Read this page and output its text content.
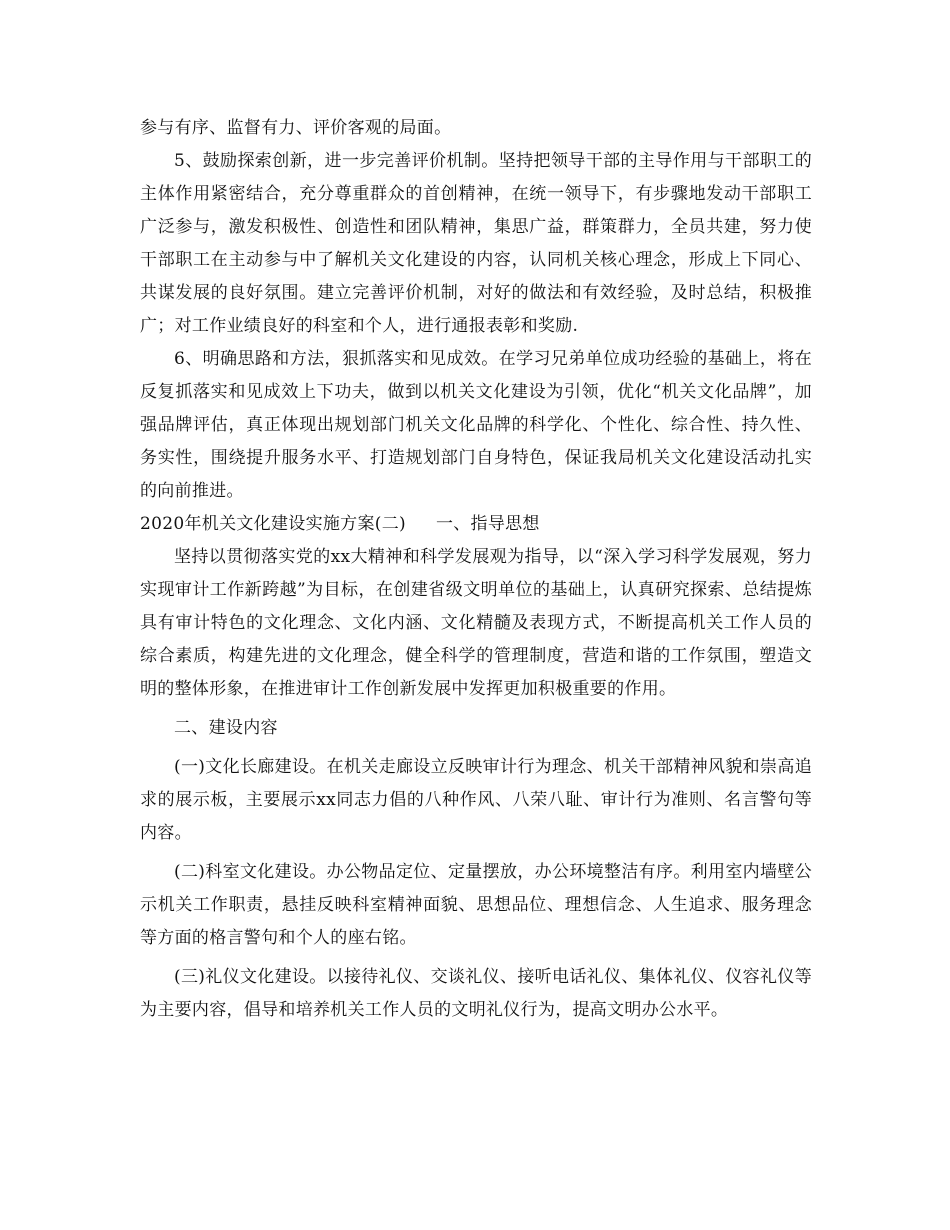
参与有序、监督有力、评价客观的局面。

5、鼓励探索创新，进一步完善评价机制。坚持把领导干部的主导作用与干部职工的主体作用紧密结合，充分尊重群众的首创精神，在统一领导下，有步骤地发动干部职工广泛参与，激发积极性、创造性和团队精神，集思广益，群策群力，全员共建，努力使干部职工在主动参与中了解机关文化建设的内容，认同机关核心理念，形成上下同心、共谋发展的良好氛围。建立完善评价机制，对好的做法和有效经验，及时总结，积极推广；对工作业绩良好的科室和个人，进行通报表彰和奖励.

6、明确思路和方法，狠抓落实和见成效。在学习兄弟单位成功经验的基础上，将在反复抓落实和见成效上下功夫，做到以机关文化建设为引领，优化“机关文化品牌”，加强品牌评估，真正体现出规划部门机关文化品牌的科学化、个性化、综合性、持久性、务实性，围绕提升服务水平、打造规划部门自身特色，保证我局机关文化建设活动扎实的向前推进。

2020年机关文化建设实施方案(二) 一、指导思想

坚持以贯彻落实党的xx大精神和科学发展观为指导，以“深入学习科学发展观，努力实现审计工作新跨越”为目标，在创建省级文明单位的基础上，认真研究探索、总结提炼具有审计特色的文化理念、文化内涵、文化精髓及表现方式，不断提高机关工作人员的综合素质，构建先进的文化理念，健全科学的管理制度，营造和谐的工作氛围，塑造文明的整体形象，在推进审计工作创新发展中发挥更加积极重要的作用。

二、建设内容

(一)文化长廊建设。在机关走廊设立反映审计行为理念、机关干部精神风貌和崇高追求的展示板，主要展示xx同志力倡的八种作风、八荣八耻、审计行为准则、名言警句等内容。

(二)科室文化建设。办公物品定位、定量摆放，办公环境整洁有序。利用室内墙壁公示机关工作职责，悬挂反映科室精神面貌、思想品位、理想信念、人生追求、服务理念等方面的格言警句和个人的座右铭。

(三)礼仪文化建设。以接待礼仪、交谈礼仪、接听电话礼仪、集体礼仪、仪容礼仪等为主要内容，倡导和培养机关工作人员的文明礼仪行为，提高文明办公水平。
